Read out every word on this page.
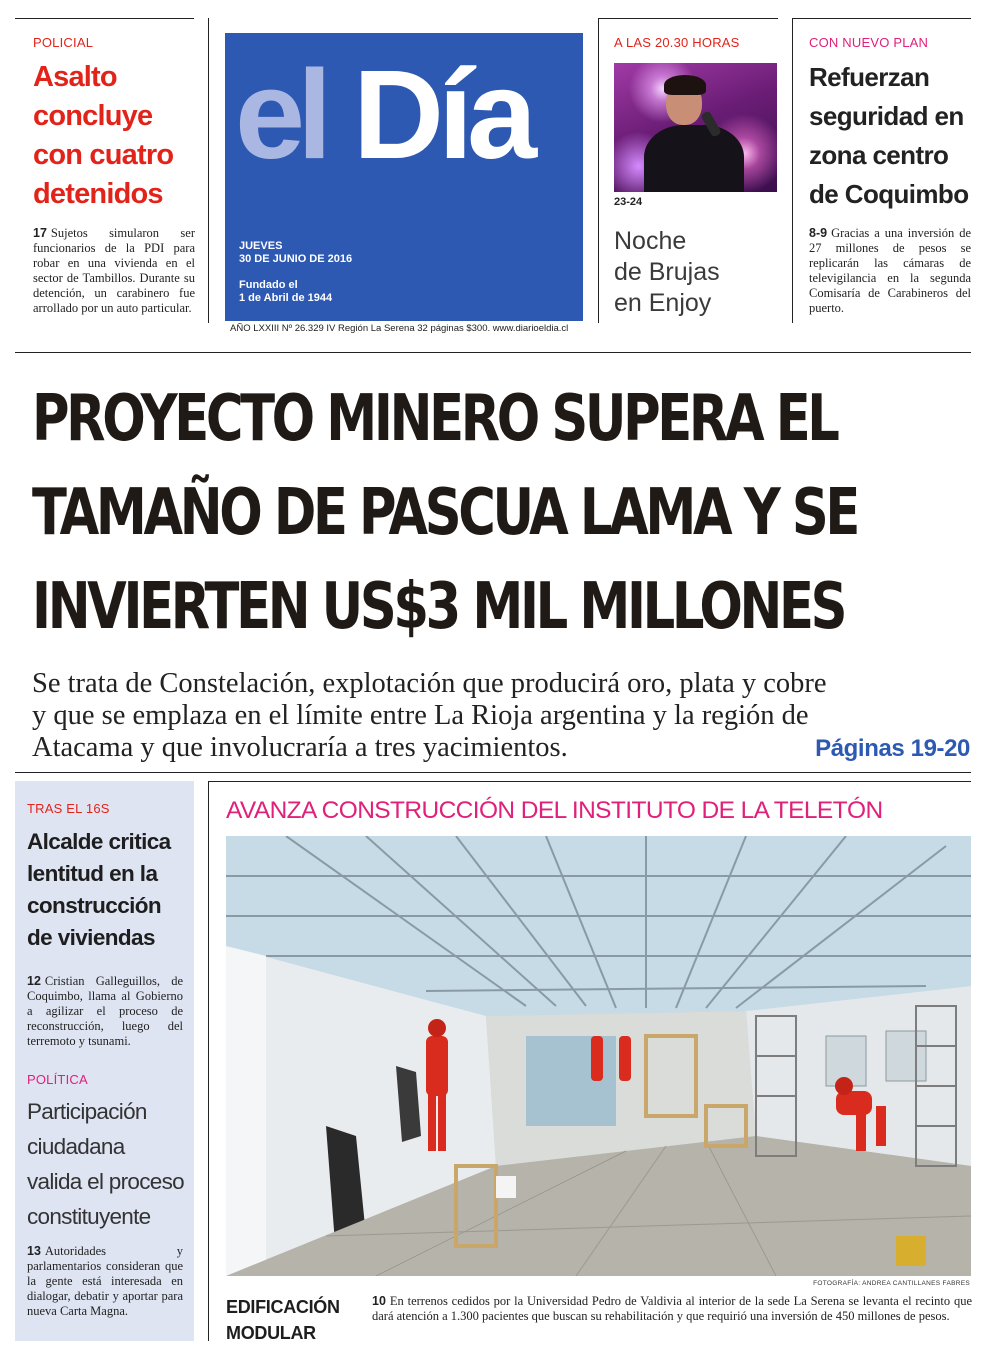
POLICIAL
Asalto
concluye
con cuatro
detenidos
17 Sujetos simularon ser funcionarios de la PDI para robar en una vivienda en el sector de Tambillos. Durante su detención, un carabinero fue arrollado por un auto particular.
el Día
JUEVES
30 DE JUNIO DE 2016
Fundado el
1 de Abril de 1944
AÑO LXXIII Nº 26.329 IV Región La Serena 32 páginas $300. www.diarioeldia.cl
A LAS 20.30 HORAS
23-24
Noche
de Brujas
en Enjoy
CON NUEVO PLAN
Refuerzan
seguridad en
zona centro
de Coquimbo
8-9 Gracias a una inversión de 27 millones de pesos se replicarán las cámaras de televigilancia en la segunda Comisaría de Carabineros del puerto.
PROYECTO MINERO SUPERA EL
TAMAÑO DE PASCUA LAMA Y SE
INVIERTEN US$3 MIL MILLONES
Se trata de Constelación, explotación que producirá oro, plata y cobre
y que se emplaza en el límite entre La Rioja argentina y la región de
Atacama y que involucraría a tres yacimientos.	Páginas 19-20
TRAS EL 16S
Alcalde critica
lentitud en la
construcción
de viviendas
12 Cristian Galleguillos, de Coquimbo, llama al Gobierno a agilizar el proceso de reconstrucción, luego del terremoto y tsunami.
POLÍTICA
Participación
ciudadana
valida el proceso
constituyente
13 Autoridades y parlamentarios consideran que la gente está interesada en dialogar, debatir y aportar para nueva Carta Magna.
AVANZA CONSTRUCCIÓN DEL INSTITUTO DE LA TELETÓN
FOTOGRAFÍA: ANDREA CANTILLANES FABRES
EDIFICACIÓN
MODULAR
10 En terrenos cedidos por la Universidad Pedro de Valdivia al interior de la sede La Serena se levanta el recinto que dará atención a 1.300 pacientes que buscan su rehabilitación y que requirió una inversión de 450 millones de pesos.
